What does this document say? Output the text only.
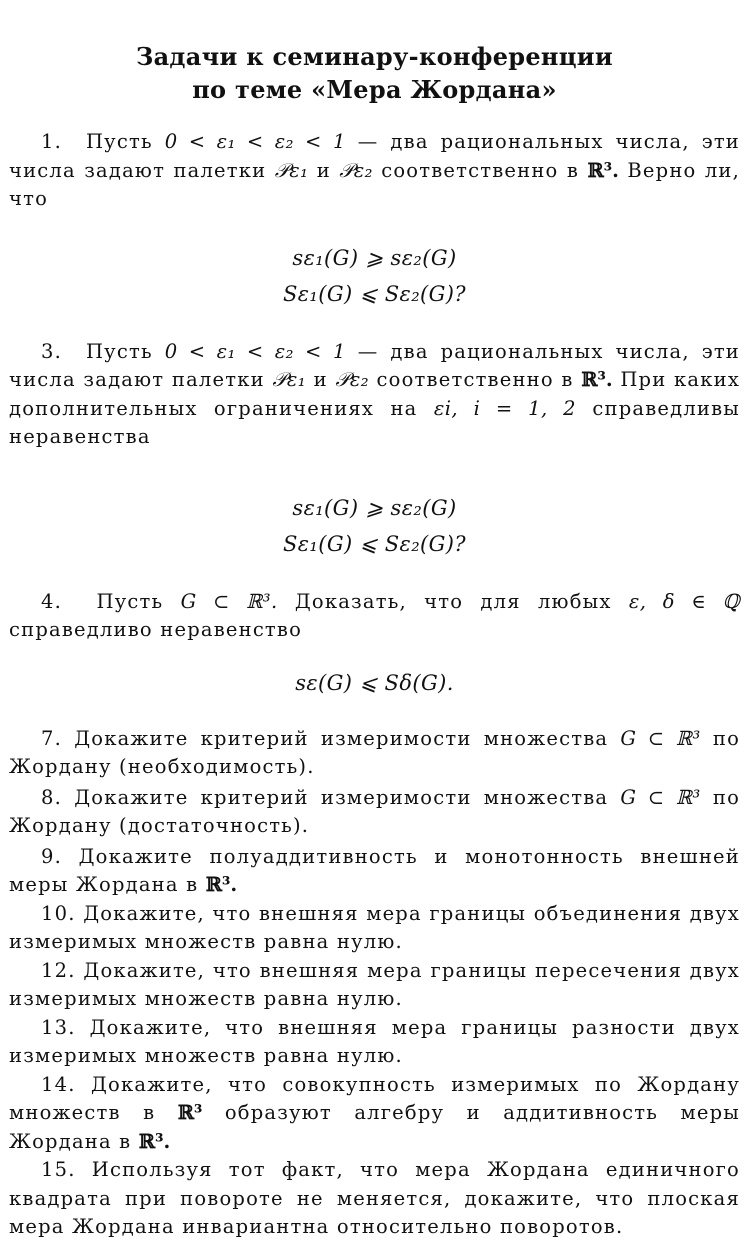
Задачи к семинару-конференции
по теме «Мера Жордана»

1. Пусть 0 < ε₁ < ε₂ < 1 — два рациональных числа, эти числа задают палетки 𝒫ε₁ и 𝒫ε₂ соответственно в ℝ³. Верно ли, что

sε₁(G) ⩾ sε₂(G)
Sε₁(G) ⩽ Sε₂(G)?

3. Пусть 0 < ε₁ < ε₂ < 1 — два рациональных числа, эти числа задают палетки 𝒫ε₁ и 𝒫ε₂ соответственно в ℝ³. При каких дополнительных ограничениях на εi, i = 1, 2 справедливы неравенства

sε₁(G) ⩾ sε₂(G)
Sε₁(G) ⩽ Sε₂(G)?

4. Пусть G ⊂ ℝ³. Доказать, что для любых ε, δ ∈ ℚ справедливо неравенство

sε(G) ⩽ Sδ(G).

7. Докажите критерий измеримости множества G ⊂ ℝ³ по Жордану (необходимость).

8. Докажите критерий измеримости множества G ⊂ ℝ³ по Жордану (достаточность).

9. Докажите полуаддитивность и монотонность внешней меры Жордана в ℝ³.

10. Докажите, что внешняя мера границы объединения двух измеримых множеств равна нулю.

12. Докажите, что внешняя мера границы пересечения двух измеримых множеств равна нулю.

13. Докажите, что внешняя мера границы разности двух измеримых множеств равна нулю.

14. Докажите, что совокупность измеримых по Жордану множеств в ℝ³ образуют алгебру и аддитивность меры Жордана в ℝ³.

15. Используя тот факт, что мера Жордана единичного квадрата при повороте не меняется, докажите, что плоская мера Жордана инвариантна относительно поворотов.
